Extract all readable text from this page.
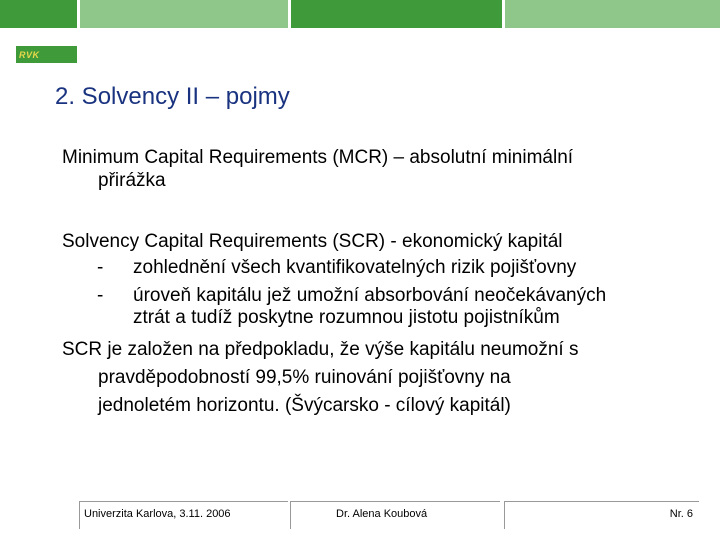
RVK
2. Solvency II – pojmy
Minimum Capital Requirements (MCR) – absolutní minimální
přirážka
Solvency Capital Requirements (SCR) - ekonomický kapitál
- zohlednění všech kvantifikovatelných rizik pojišťovny
- úroveň kapitálu jež umožní absorbování neočekávaných
ztrát a tudíž poskytne rozumnou jistotu pojistníkům
SCR je založen na předpokladu, že výše kapitálu neumožní s
pravděpodobností 99,5% ruinování pojišťovny na
jednoletém horizontu. (Švýcarsko - cílový kapitál)
Univerzita Karlova, 3.11. 2006	Dr. Alena Koubová	Nr. 6
